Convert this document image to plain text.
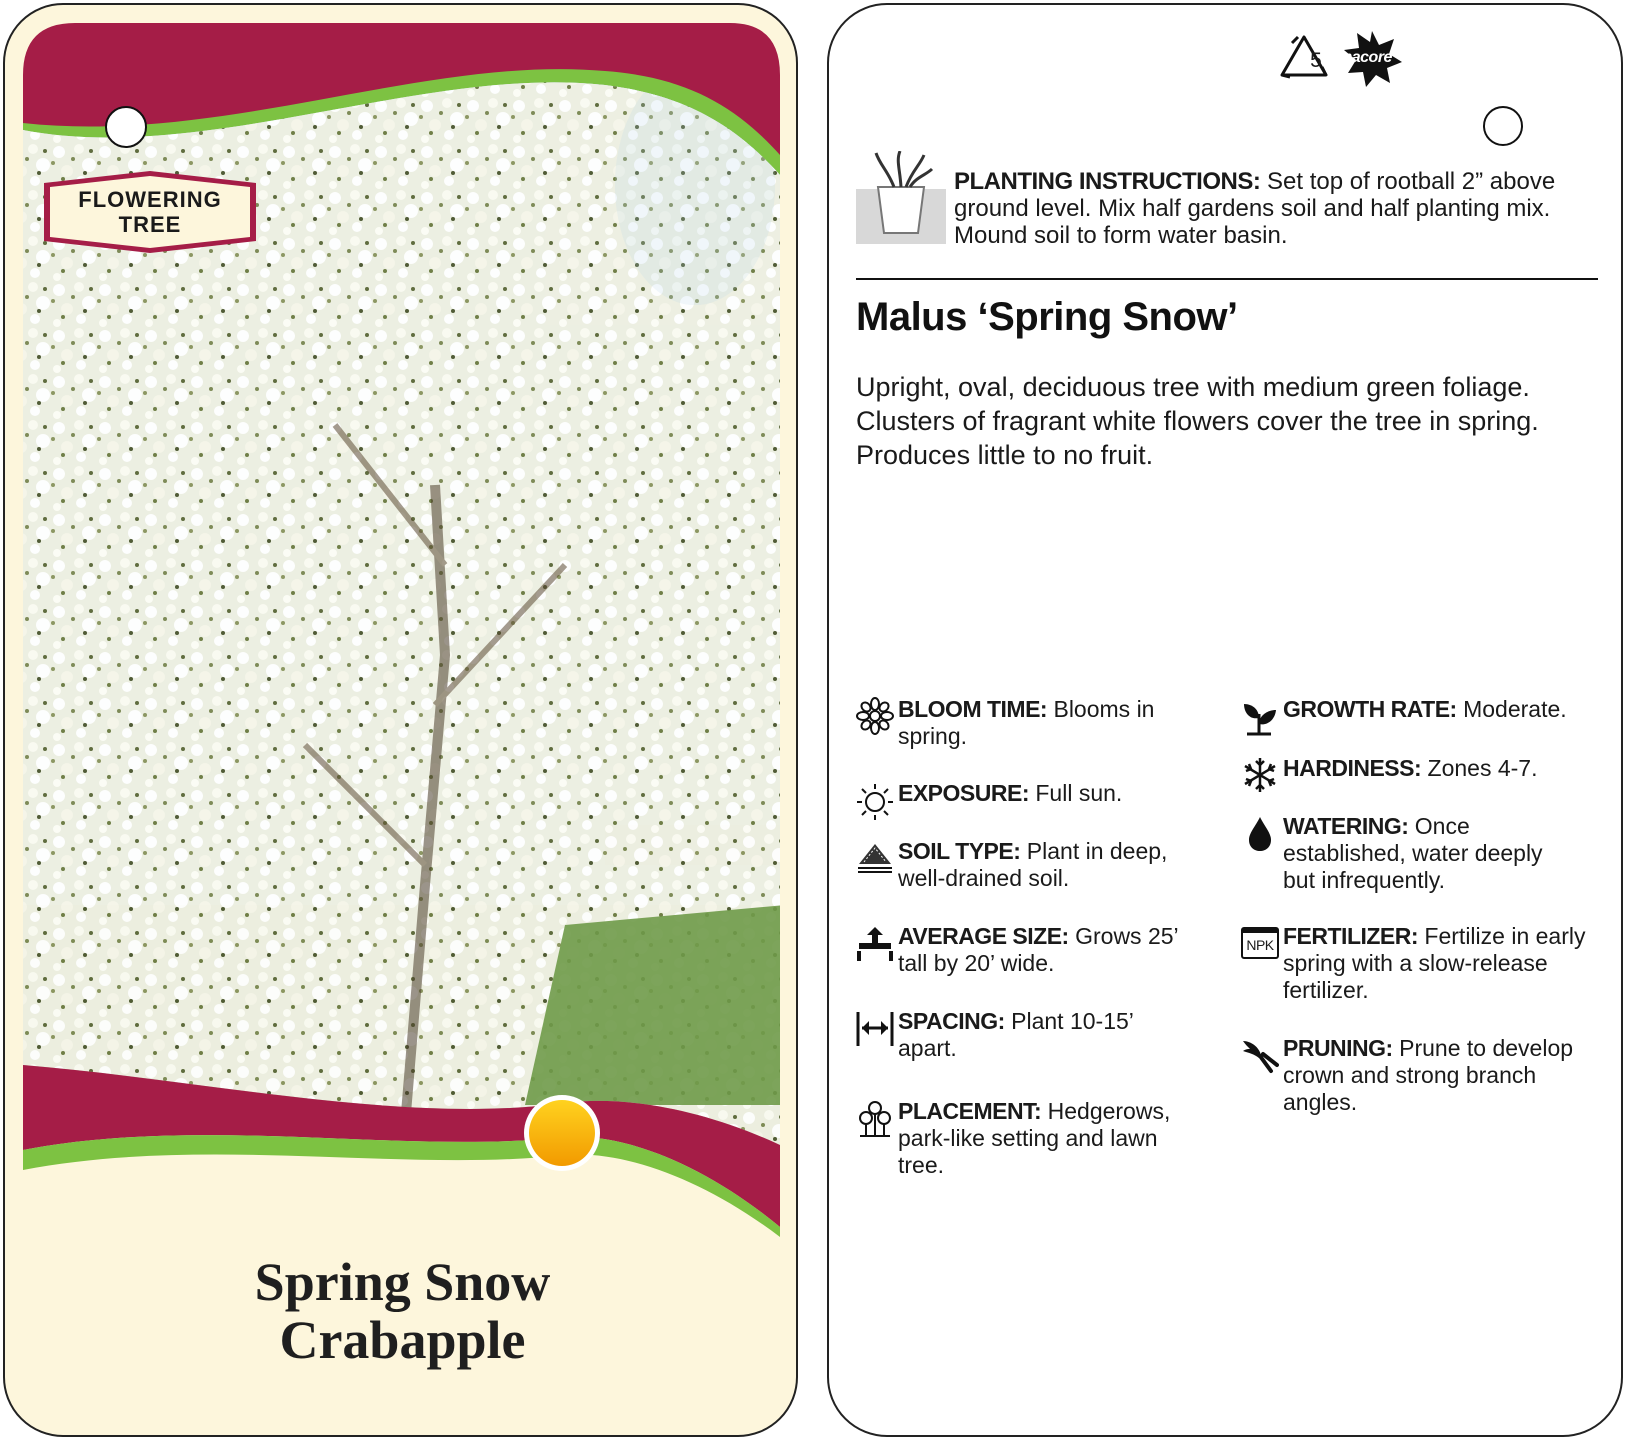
FLOWERING
TREE
Spring Snow
Crabapple
5	macore
PLANTING INSTRUCTIONS: Set top of rootball 2” above ground level. Mix half gardens soil and half planting mix. Mound soil to form water basin.
Malus ‘Spring Snow’
Upright, oval, deciduous tree with medium green foliage.
Clusters of fragrant white flowers cover the tree in spring.
Produces little to no fruit.
BLOOM TIME: Blooms in
spring.
EXPOSURE: Full sun.
SOIL TYPE: Plant in deep,
well-drained soil.
AVERAGE SIZE: Grows 25’
tall by 20’ wide.
SPACING: Plant 10-15’
apart.
PLACEMENT: Hedgerows,
park-like setting and lawn
tree.
GROWTH RATE: Moderate.
HARDINESS: Zones 4-7.
WATERING: Once
established, water deeply
but infrequently.
NPK FERTILIZER: Fertilize in early
spring with a slow-release
fertilizer.
PRUNING: Prune to develop
crown and strong branch
angles.
